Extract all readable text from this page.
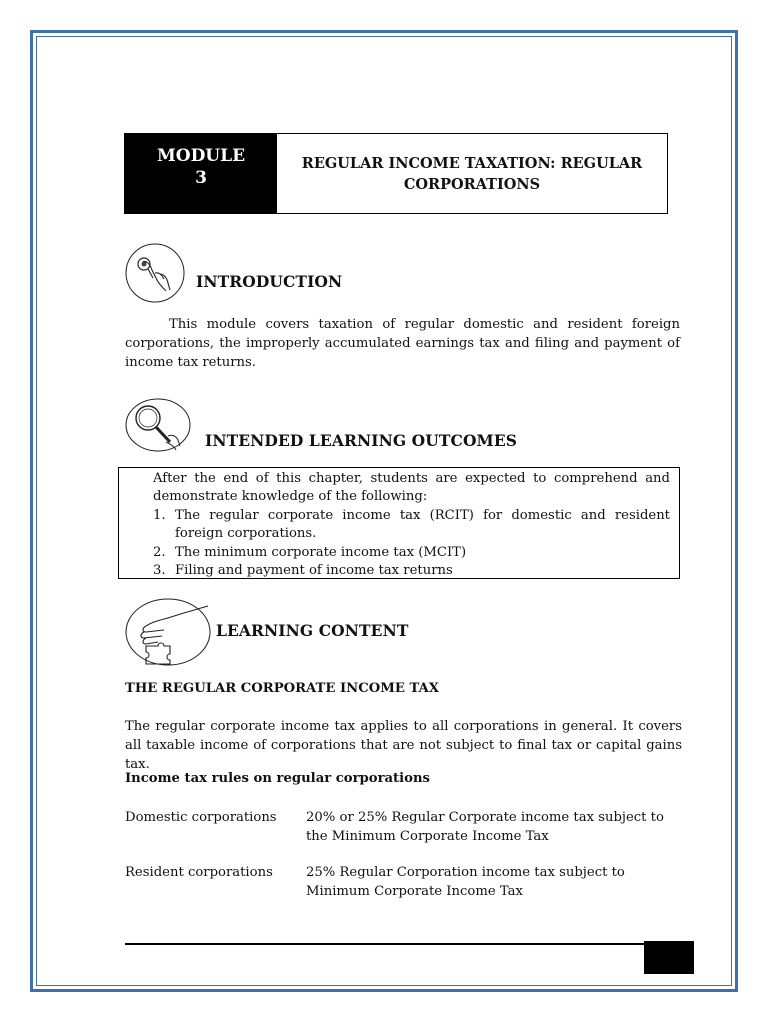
MODULE
3
REGULAR INCOME TAXATION: REGULAR
CORPORATIONS
INTRODUCTION
This module covers taxation of regular domestic and resident foreign corporations, the improperly accumulated earnings tax and filing and payment of income tax returns.
INTENDED LEARNING OUTCOMES
After the end of this chapter, students are expected to comprehend and demonstrate knowledge of the following:
1. The regular corporate income tax (RCIT) for domestic and resident foreign corporations.
2. The minimum corporate income tax (MCIT)
3. Filing and payment of income tax returns
LEARNING CONTENT
THE REGULAR CORPORATE INCOME TAX
The regular corporate income tax applies to all corporations in general. It covers all taxable income of corporations that are not subject to final tax or capital gains tax.
Income tax rules on regular corporations
Domestic corporations	20% or 25% Regular Corporate income tax subject to the Minimum Corporate Income Tax
Resident corporations	25% Regular Corporation income tax subject to Minimum Corporate Income Tax
